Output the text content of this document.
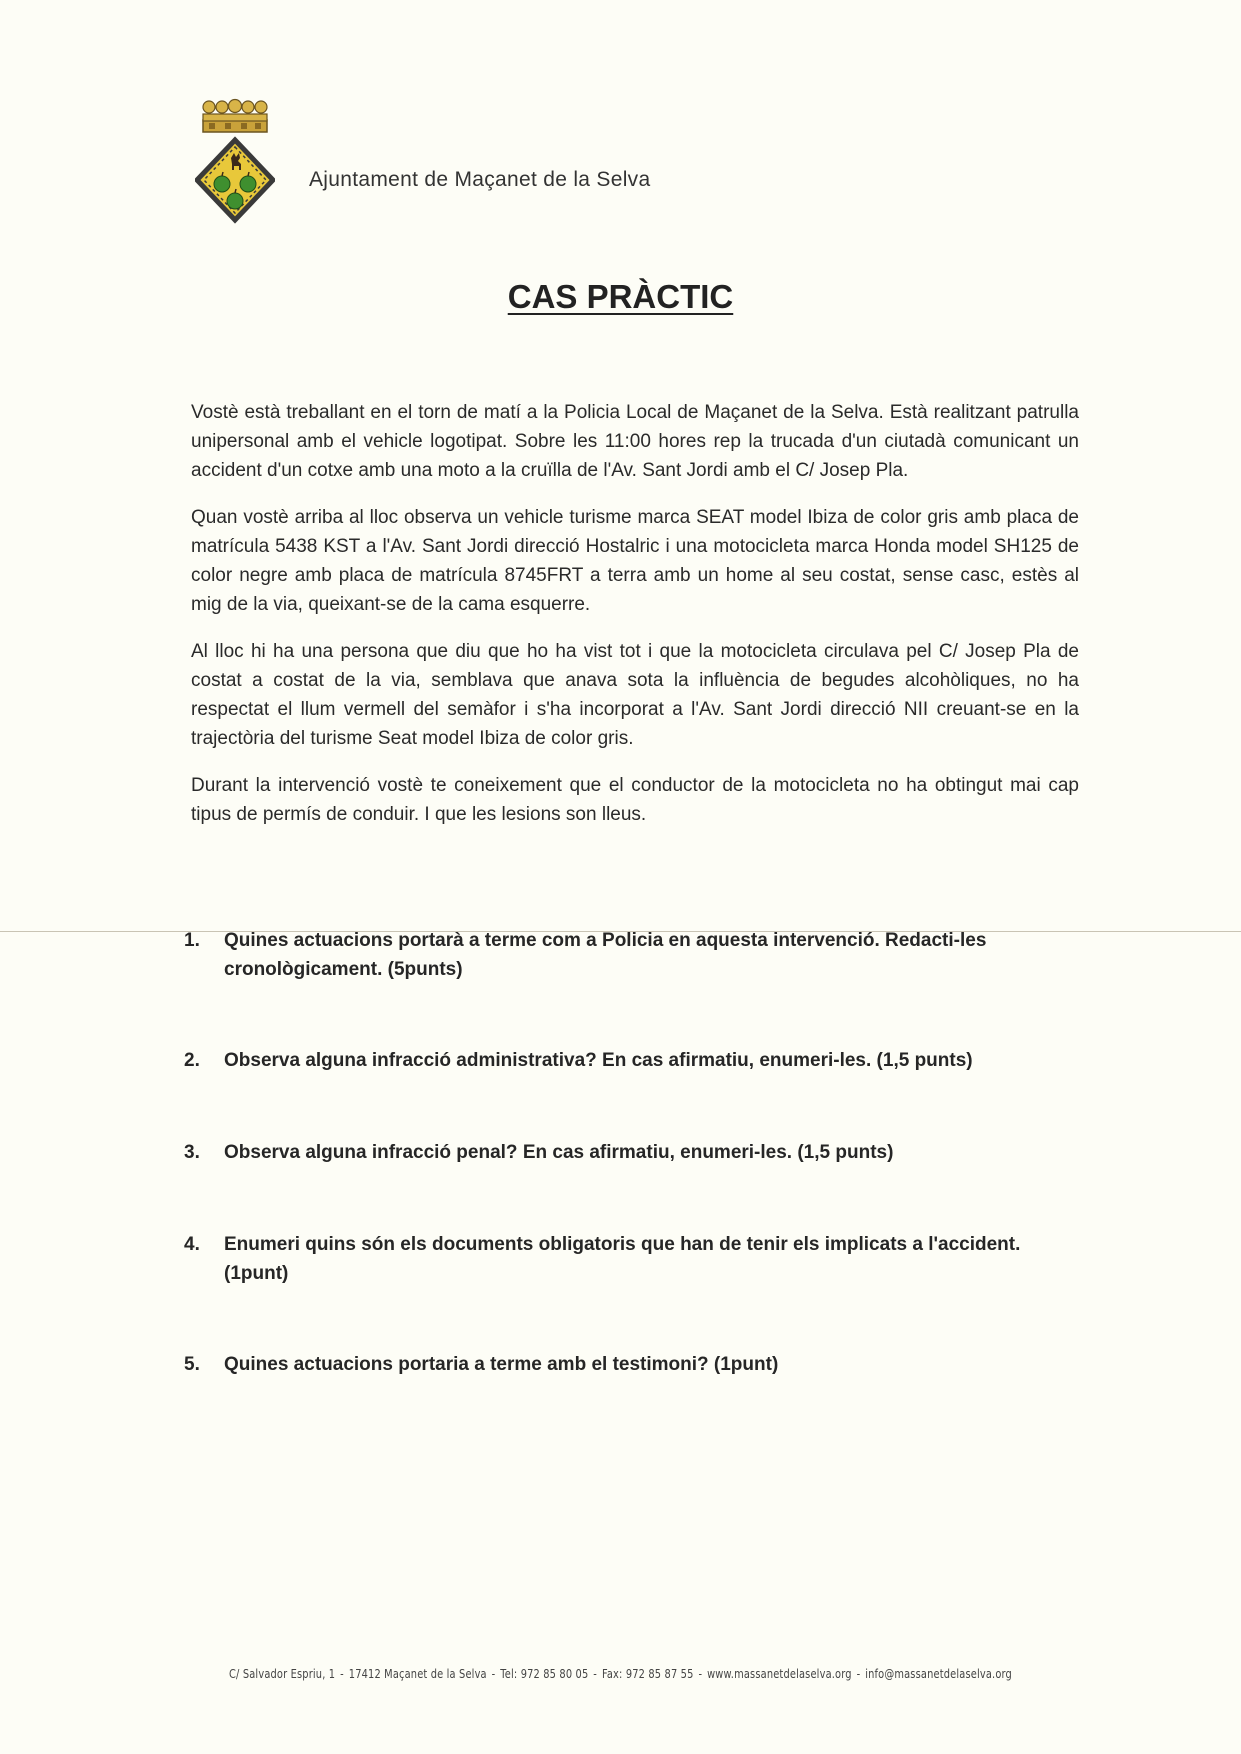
Ajuntament de Maçanet de la Selva
CAS PRÀCTIC

Vostè està treballant en el torn de matí a la Policia Local de Maçanet de la Selva. Està realitzant patrulla unipersonal amb el vehicle logotipat. Sobre les 11:00 hores rep la trucada d'un ciutadà comunicant un accident d'un cotxe amb una moto a la cruïlla de l'Av. Sant Jordi amb el C/ Josep Pla.

Quan vostè arriba al lloc observa un vehicle turisme marca SEAT model Ibiza de color gris amb placa de matrícula 5438 KST a l'Av. Sant Jordi direcció Hostalric i una motocicleta marca Honda model SH125 de color negre amb placa de matrícula 8745FRT a terra amb un home al seu costat, sense casc, estès al mig de la via, queixant-se de la cama esquerre.

Al lloc hi ha una persona que diu que ho ha vist tot i que la motocicleta circulava pel C/ Josep Pla de costat a costat de la via, semblava que anava sota la influència de begudes alcohòliques, no ha respectat el llum vermell del semàfor i s'ha incorporat a l'Av. Sant Jordi direcció NII creuant-se en la trajectòria del turisme Seat model Ibiza de color gris.

Durant la intervenció vostè te coneixement que el conductor de la motocicleta no ha obtingut mai cap tipus de permís de conduir. I que les lesions son lleus.

1. Quines actuacions portarà a terme com a Policia en aquesta intervenció. Redacti-les cronològicament. (5punts)
2. Observa alguna infracció administrativa? En cas afirmatiu, enumeri-les. (1,5 punts)
3. Observa alguna infracció penal? En cas afirmatiu, enumeri-les. (1,5 punts)
4. Enumeri quins són els documents obligatoris que han de tenir els implicats a l'accident. (1punt)
5. Quines actuacions portaria a terme amb el testimoni? (1punt)
C/ Salvador Espriu, 1 - 17412 Maçanet de la Selva - Tel: 972 85 80 05 - Fax: 972 85 87 55 - www.massanetdelaselva.org - info@massanetdelaselva.org
